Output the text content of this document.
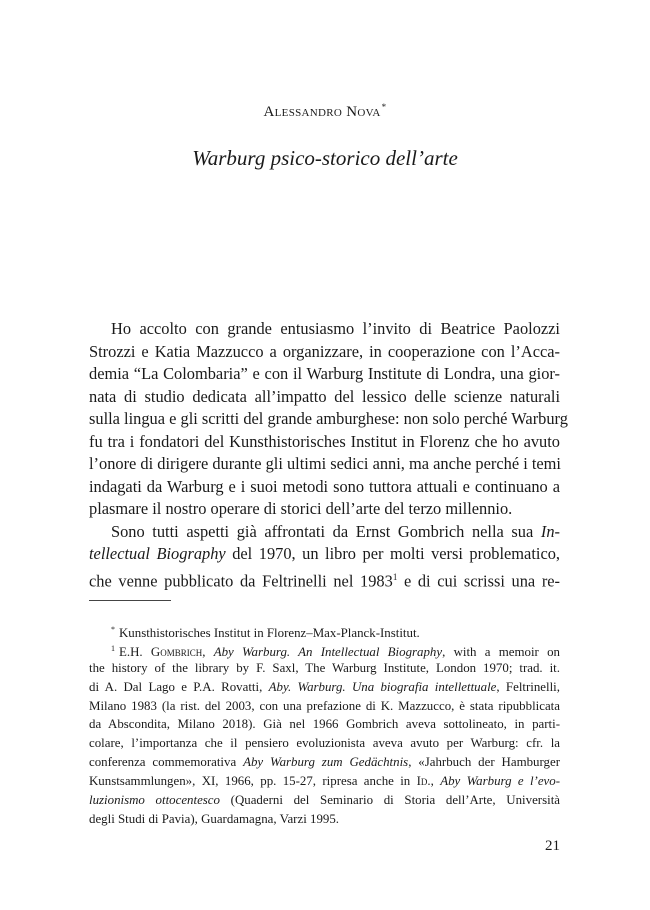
Alessandro Nova*
Warburg psico-storico dell’arte
Ho accolto con grande entusiasmo l’invito di Beatrice Paolozzi
Strozzi e Katia Mazzucco a organizzare, in cooperazione con l’Acca-
demia “La Colombaria” e con il Warburg Institute di Londra, una gior-
nata di studio dedicata all’impatto del lessico delle scienze naturali
sulla lingua e gli scritti del grande amburghese: non solo perché Warburg
fu tra i fondatori del Kunsthistorisches Institut in Florenz che ho avuto
l’onore di dirigere durante gli ultimi sedici anni, ma anche perché i temi
indagati da Warburg e i suoi metodi sono tuttora attuali e continuano a
plasmare il nostro operare di storici dell’arte del terzo millennio.
Sono tutti aspetti già affrontati da Ernst Gombrich nella sua In-
tellectual Biography del 1970, un libro per molti versi problematico,
che venne pubblicato da Feltrinelli nel 1983$^1$ e di cui scrissi una re-
* Kunsthistorisches Institut in Florenz–Max-Planck-Institut.
$^1$ E.H. Gombrich, Aby Warburg. An Intellectual Biography, with a memoir on
the history of the library by F. Saxl, The Warburg Institute, London 1970; trad. it.
di A. Dal Lago e P.A. Rovatti, Aby. Warburg. Una biografia intellettuale, Feltrinelli,
Milano 1983 (la rist. del 2003, con una prefazione di K. Mazzucco, è stata ripubblicata
da Abscondita, Milano 2018). Già nel 1966 Gombrich aveva sottolineato, in parti-
colare, l’importanza che il pensiero evoluzionista aveva avuto per Warburg: cfr. la
conferenza commemorativa Aby Warburg zum Gedächtnis, «Jahrbuch der Hamburger
Kunstsammlungen», XI, 1966, pp. 15-27, ripresa anche in Id., Aby Warburg e l’evo-
luzionismo ottocentesco (Quaderni del Seminario di Storia dell’Arte, Università
degli Studi di Pavia), Guardamagna, Varzi 1995.
21
